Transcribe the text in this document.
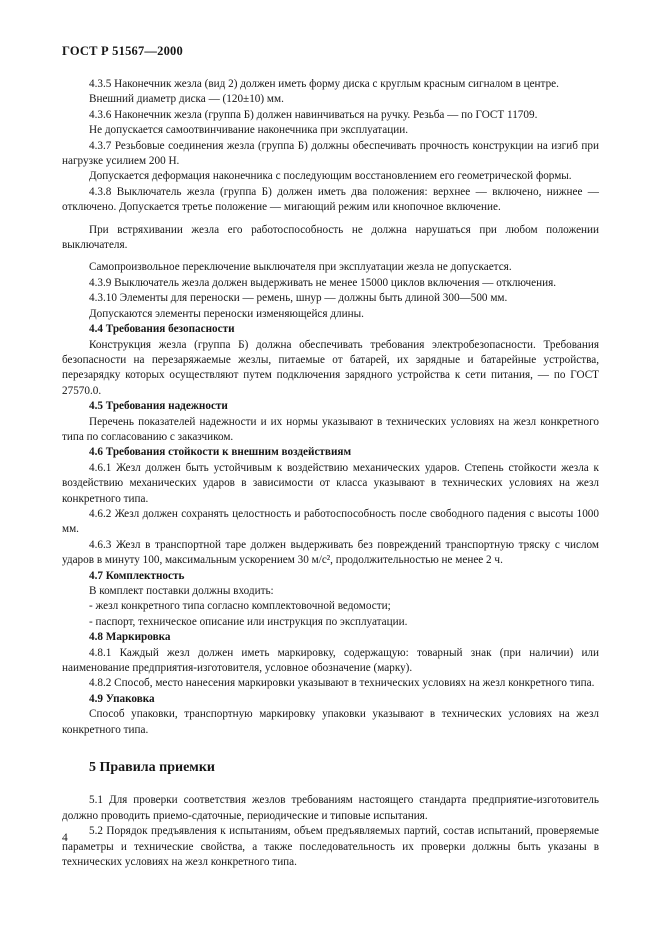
ГОСТ Р 51567—2000

4.3.5 Наконечник жезла (вид 2) должен иметь форму диска с круглым красным сигналом в центре.

Внешний диаметр диска — (120±10) мм.

4.3.6 Наконечник жезла (группа Б) должен навинчиваться на ручку. Резьба — по ГОСТ 11709.

Не допускается самоотвинчивание наконечника при эксплуатации.

4.3.7 Резьбовые соединения жезла (группа Б) должны обеспечивать прочность конструкции на изгиб при нагрузке усилием 200 Н.

Допускается деформация наконечника с последующим восстановлением его геометрической формы.

4.3.8 Выключатель жезла (группа Б) должен иметь два положения: верхнее — включено, нижнее — отключено. Допускается третье положение — мигающий режим или кнопочное включение.

При встряхивании жезла его работоспособность не должна нарушаться при любом положении выключателя.

Самопроизвольное переключение выключателя при эксплуатации жезла не допускается.

4.3.9 Выключатель жезла должен выдерживать не менее 15000 циклов включения — отключения.

4.3.10 Элементы для переноски — ремень, шнур — должны быть длиной 300—500 мм.

Допускаются элементы переноски изменяющейся длины.

4.4 Требования безопасности

Конструкция жезла (группа Б) должна обеспечивать требования электробезопасности. Требования безопасности на перезаряжаемые жезлы, питаемые от батарей, их зарядные и батарейные устройства, перезарядку которых осуществляют путем подключения зарядного устройства к сети питания, — по ГОСТ 27570.0.

4.5 Требования надежности

Перечень показателей надежности и их нормы указывают в технических условиях на жезл конкретного типа по согласованию с заказчиком.

4.6 Требования стойкости к внешним воздействиям

4.6.1 Жезл должен быть устойчивым к воздействию механических ударов. Степень стойкости жезла к воздействию механических ударов в зависимости от класса указывают в технических условиях на жезл конкретного типа.

4.6.2 Жезл должен сохранять целостность и работоспособность после свободного падения с высоты 1000 мм.

4.6.3 Жезл в транспортной таре должен выдерживать без повреждений транспортную тряску с числом ударов в минуту 100, максимальным ускорением 30 м/с², продолжительностью не менее 2 ч.

4.7 Комплектность

В комплект поставки должны входить:

- жезл конкретного типа согласно комплектовочной ведомости;

- паспорт, техническое описание или инструкция по эксплуатации.

4.8 Маркировка

4.8.1 Каждый жезл должен иметь маркировку, содержащую: товарный знак (при наличии) или наименование предприятия-изготовителя, условное обозначение (марку).

4.8.2 Способ, место нанесения маркировки указывают в технических условиях на жезл конкретного типа.

4.9 Упаковка

Способ упаковки, транспортную маркировку упаковки указывают в технических условиях на жезл конкретного типа.

5 Правила приемки

5.1 Для проверки соответствия жезлов требованиям настоящего стандарта предприятие-изготовитель должно проводить приемо-сдаточные, периодические и типовые испытания.

5.2 Порядок предъявления к испытаниям, объем предъявляемых партий, состав испытаний, проверяемые параметры и технические свойства, а также последовательность их проверки должны быть указаны в технических условиях на жезл конкретного типа.

4
